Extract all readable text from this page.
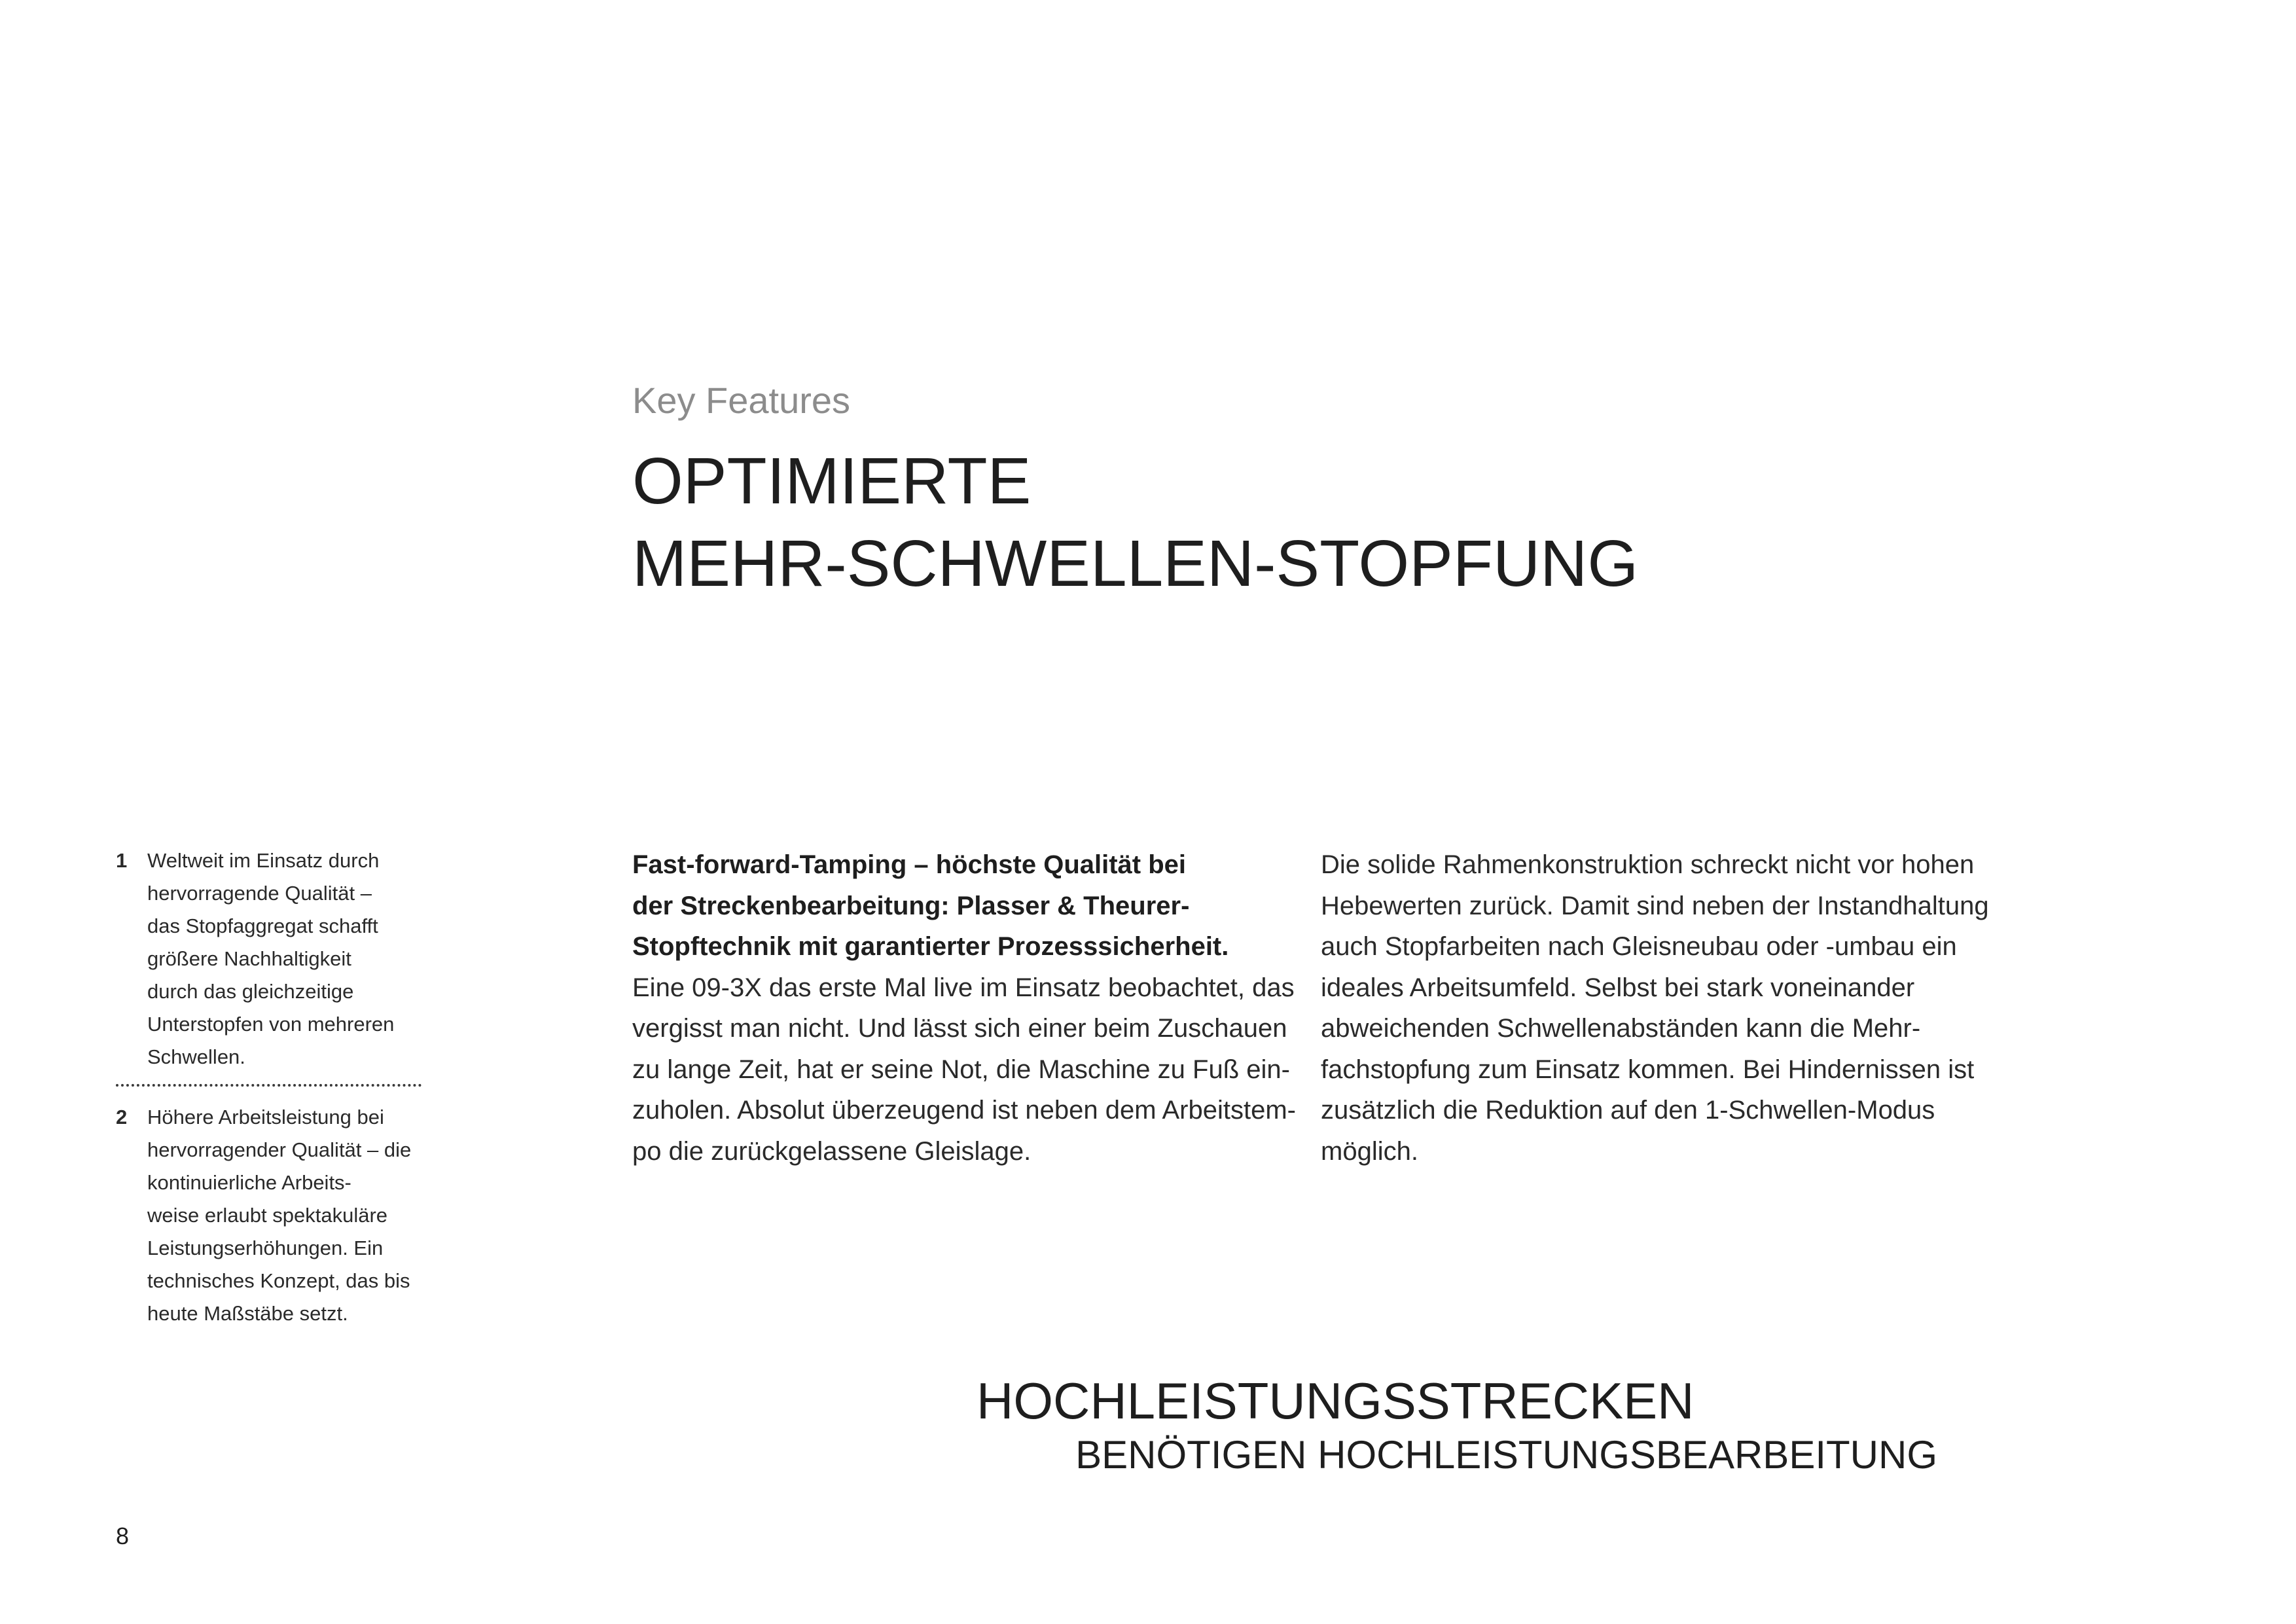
Key Features
OPTIMIERTE
MEHR-SCHWELLEN-STOPFUNG
1 Weltweit im Einsatz durch
hervorragende Qualität –
das Stopfaggregat schafft
größere Nachhaltigkeit
durch das gleichzeitige
Unterstopfen von mehreren
Schwellen.
2 Höhere Arbeitsleistung bei
hervorragender Qualität – die
kontinuierliche Arbeits-
weise erlaubt spektakuläre
Leistungserhöhungen. Ein
technisches Konzept, das bis
heute Maßstäbe setzt.
Fast-forward-Tamping – höchste Qualität bei
der Streckenbearbeitung: Plasser & Theurer-
Stopftechnik mit garantierter Prozesssicherheit.
Eine 09-3X das erste Mal live im Einsatz beobachtet, das
vergisst man nicht. Und lässt sich einer beim Zuschauen
zu lange Zeit, hat er seine Not, die Maschine zu Fuß ein-
zuholen. Absolut überzeugend ist neben dem Arbeitstem-
po die zurückgelassene Gleislage.
Die solide Rahmenkonstruktion schreckt nicht vor hohen
Hebewerten zurück. Damit sind neben der Instandhaltung
auch Stopfarbeiten nach Gleisneubau oder -umbau ein
ideales Arbeitsumfeld. Selbst bei stark voneinander
abweichenden Schwellenabständen kann die Mehr-
fachstopfung zum Einsatz kommen. Bei Hindernissen ist
zusätzlich die Reduktion auf den 1-Schwellen-Modus
möglich.
HOCHLEISTUNGSSTRECKEN
BENÖTIGEN HOCHLEISTUNGSBEARBEITUNG
8
